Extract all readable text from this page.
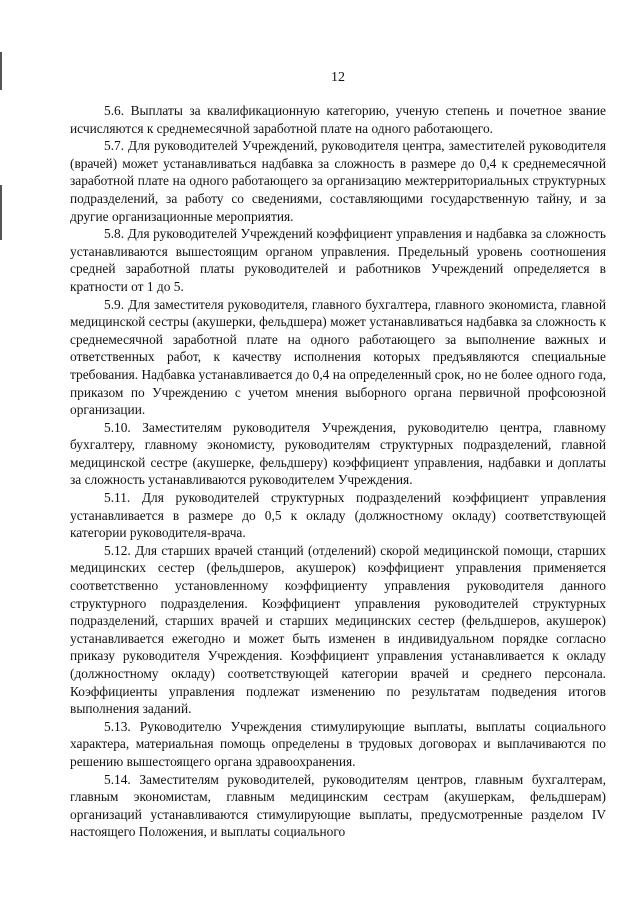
12

5.6. Выплаты за квалификационную категорию, ученую степень и почетное звание исчисляются к среднемесячной заработной плате на одного работающего.

5.7. Для руководителей Учреждений, руководителя центра, заместителей руководителя (врачей) может устанавливаться надбавка за сложность в размере до 0,4 к среднемесячной заработной плате на одного работающего за организацию межтерриториальных структурных подразделений, за работу со сведениями, составляющими государственную тайну, и за другие организационные мероприятия.

5.8. Для руководителей Учреждений коэффициент управления и надбавка за сложность устанавливаются вышестоящим органом управления. Предельный уровень соотношения средней заработной платы руководителей и работников Учреждений определяется в кратности от 1 до 5.

5.9. Для заместителя руководителя, главного бухгалтера, главного экономиста, главной медицинской сестры (акушерки, фельдшера) может устанавливаться надбавка за сложность к среднемесячной заработной плате на одного работающего за выполнение важных и ответственных работ, к качеству исполнения которых предъявляются специальные требования. Надбавка устанавливается до 0,4 на определенный срок, но не более одного года, приказом по Учреждению с учетом мнения выборного органа первичной профсоюзной организации.

5.10. Заместителям руководителя Учреждения, руководителю центра, главному бухгалтеру, главному экономисту, руководителям структурных подразделений, главной медицинской сестре (акушерке, фельдшеру) коэффициент управления, надбавки и доплаты за сложность устанавливаются руководителем Учреждения.

5.11. Для руководителей структурных подразделений коэффициент управления устанавливается в размере до 0,5 к окладу (должностному окладу) соответствующей категории руководителя-врача.

5.12. Для старших врачей станций (отделений) скорой медицинской помощи, старших медицинских сестер (фельдшеров, акушерок) коэффициент управления применяется соответственно установленному коэффициенту управления руководителя данного структурного подразделения. Коэффициент управления руководителей структурных подразделений, старших врачей и старших медицинских сестер (фельдшеров, акушерок) устанавливается ежегодно и может быть изменен в индивидуальном порядке согласно приказу руководителя Учреждения. Коэффициент управления устанавливается к окладу (должностному окладу) соответствующей категории врачей и среднего персонала. Коэффициенты управления подлежат изменению по результатам подведения итогов выполнения заданий.

5.13. Руководителю Учреждения стимулирующие выплаты, выплаты социального характера, материальная помощь определены в трудовых договорах и выплачиваются по решению вышестоящего органа здравоохранения.

5.14. Заместителям руководителей, руководителям центров, главным бухгалтерам, главным экономистам, главным медицинским сестрам (акушеркам, фельдшерам) организаций устанавливаются стимулирующие выплаты, предусмотренные разделом IV настоящего Положения, и выплаты социального
